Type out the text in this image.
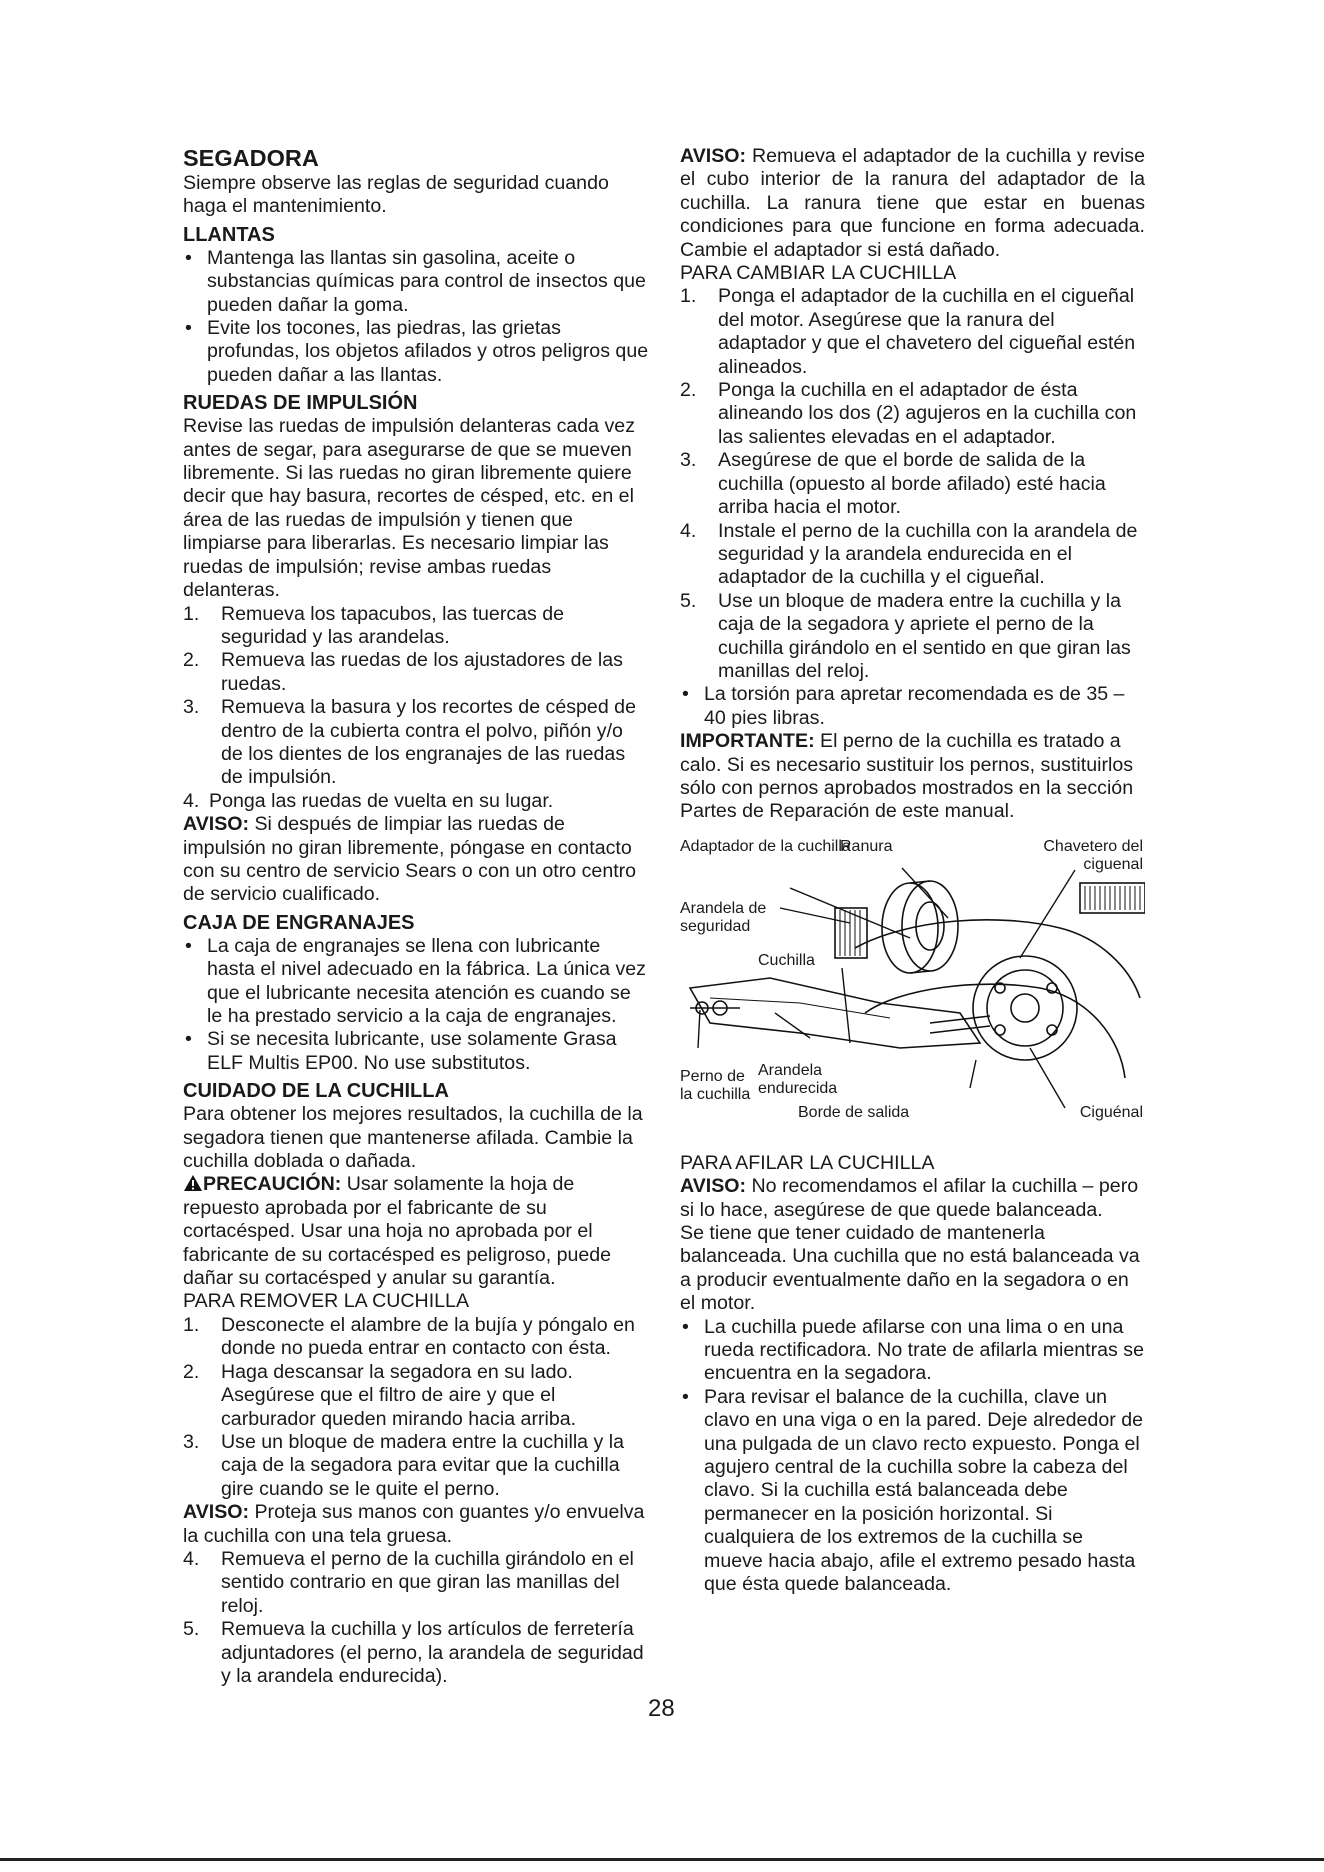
SEGADORA

Siempre observe las reglas de seguridad cuando haga el mantenimiento.

LLANTAS
• Mantenga las llantas sin gasolina, aceite o substancias químicas para control de insectos que pueden dañar la goma.
• Evite los tocones, las piedras, las grietas profundas, los objetos afilados y otros peligros que pueden dañar a las llantas.
RUEDAS DE IMPULSIÓN

Revise las ruedas de impulsión delanteras cada vez antes de segar, para asegurarse de que se mueven libremente. Si las ruedas no giran libremente quiere decir que hay basura, recortes de césped, etc. en el área de las ruedas de impulsión y tienen que limpiarse para liberarlas. Es necesario limpiar las ruedas de impulsión; revise ambas ruedas delanteras.

1. Remueva los tapacubos, las tuercas de seguridad y las arandelas.
2. Remueva las ruedas de los ajustadores de las ruedas.
3. Remueva la basura y los recortes de césped de dentro de la cubierta contra el polvo, piñón y/o de los dientes de los engranajes de las ruedas de impulsión.
4. Ponga las ruedas de vuelta en su lugar.

AVISO: Si después de limpiar las ruedas de impulsión no giran libremente, póngase en contacto con su centro de servicio Sears o con un otro centro de servicio cualificado.

CAJA DE ENGRANAJES
• La caja de engranajes se llena con lubricante hasta el nivel adecuado en la fábrica. La única vez que el lubricante necesita atención es cuando se le ha prestado servicio a la caja de engranajes.
• Si se necesita lubricante, use solamente Grasa ELF Multis EP00. No use substitutos.
CUIDADO DE LA CUCHILLA

Para obtener los mejores resultados, la cuchilla de la segadora tienen que mantenerse afilada. Cambie la cuchilla doblada o dañada.

PRECAUCIÓN: Usar solamente la hoja de repuesto aprobada por el fabricante de su cortacésped. Usar una hoja no aprobada por el fabricante de su cortacésped es peligroso, puede dañar su cortacésped y anular su garantía.

PARA REMOVER LA CUCHILLA
1. Desconecte el alambre de la bujía y póngalo en donde no pueda entrar en contacto con ésta.
2. Haga descansar la segadora en su lado. Asegúrese que el filtro de aire y que el carburador queden mirando hacia arriba.
3. Use un bloque de madera entre la cuchilla y la caja de la segadora para evitar que la cuchilla gire cuando se le quite el perno.

AVISO: Proteja sus manos con guantes y/o envuelva la cuchilla con una tela gruesa.

4. Remueva el perno de la cuchilla girándolo en el sentido contrario en que giran las manillas del reloj.
5. Remueva la cuchilla y los artículos de ferretería adjuntadores (el perno, la arandela de seguridad y la arandela endurecida).

AVISO: Remueva el adaptador de la cuchilla y revise el cubo interior de la ranura del adaptador de la cuchilla. La ranura tiene que estar en buenas condiciones para que funcione en forma adecuada. Cambie el adaptador si está dañado.

PARA CAMBIAR LA CUCHILLA
1. Ponga el adaptador de la cuchilla en el cigueñal del motor. Asegúrese que la ranura del adaptador y que el chavetero del cigueñal estén alineados.
2. Ponga la cuchilla en el adaptador de ésta alineando los dos (2) agujeros en la cuchilla con las salientes elevadas en el adaptador.
3. Asegúrese de que el borde de salida de la cuchilla (opuesto al borde afilado) esté hacia arriba hacia el motor.
4. Instale el perno de la cuchilla con la arandela de seguridad y la arandela endurecida en el adaptador de la cuchilla y el cigueñal.
5. Use un bloque de madera entre la cuchilla y la caja de la segadora y apriete el perno de la cuchilla girándolo en el sentido en que giran las manillas del reloj.
• La torsión para apretar recomendada es de 35 – 40 pies libras.

IMPORTANTE: El perno de la cuchilla es tratado a calo. Si es necesario sustituir los pernos, sustituirlos sólo con pernos aprobados mostrados en la sección Partes de Reparación de este manual.

Adaptador de la cuchilla
Ranura	Chavetero del ciguenal
Arandela de seguridad
Cuchilla
Perno de la cuchilla
Arandela endurecida
Borde de salida	Ciguénal
PARA AFILAR LA CUCHILLA

AVISO: No recomendamos el afilar la cuchilla – pero si lo hace, asegúrese de que quede balanceada.

Se tiene que tener cuidado de mantenerla balanceada. Una cuchilla que no está balanceada va a producir eventualmente daño en la segadora o en el motor.

• La cuchilla puede afilarse con una lima o en una rueda rectificadora. No trate de afilarla mientras se encuentra en la segadora.
• Para revisar el balance de la cuchilla, clave un clavo en una viga o en la pared. Deje alrededor de una pulgada de un clavo recto expuesto. Ponga el agujero central de la cuchilla sobre la cabeza del clavo. Si la cuchilla está balanceada debe permanecer en la posición horizontal. Si cualquiera de los extremos de la cuchilla se mueve hacia abajo, afile el extremo pesado hasta que ésta quede balanceada.
28
